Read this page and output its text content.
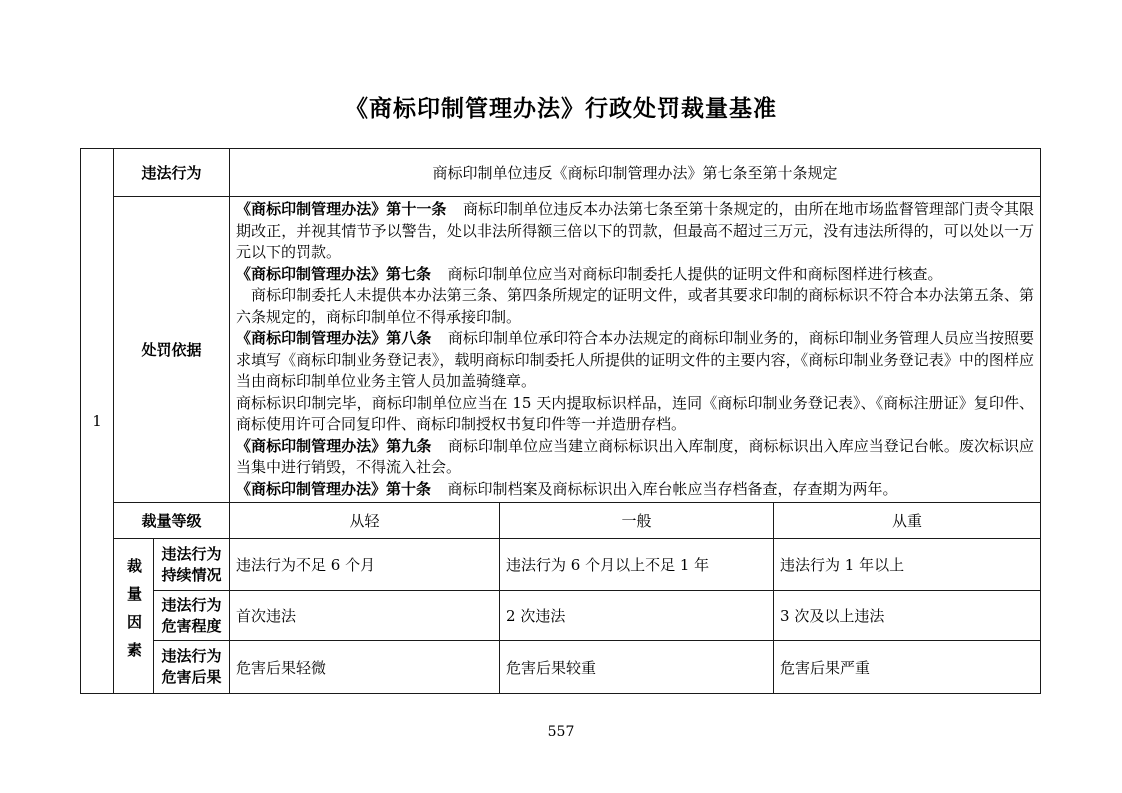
《商标印制管理办法》行政处罚裁量基准
1	违法行为		商标印制单位违反《商标印制管理办法》第七条至第十条规定		
处罚依据	

《商标印制管理办法》第十一条 商标印制单位违反本办法第七条至第十条规定的，由所在地市场监督管理部门责令其限期改正，并视其情节予以警告，处以非法所得额三倍以下的罚款，但最高不超过三万元，没有违法所得的，可以处以一万元以下的罚款。

《商标印制管理办法》第七条 商标印制单位应当对商标印制委托人提供的证明文件和商标图样进行核查。

商标印制委托人未提供本办法第三条、第四条所规定的证明文件，或者其要求印制的商标标识不符合本办法第五条、第六条规定的，商标印制单位不得承接印制。

《商标印制管理办法》第八条 商标印制单位承印符合本办法规定的商标印制业务的，商标印制业务管理人员应当按照要求填写《商标印制业务登记表》，载明商标印制委托人所提供的证明文件的主要内容，《商标印制业务登记表》中的图样应当由商标印制单位业务主管人员加盖骑缝章。

商标标识印制完毕，商标印制单位应当在 15 天内提取标识样品，连同《商标印制业务登记表》、《商标注册证》复印件、商标使用许可合同复印件、商标印制授权书复印件等一并造册存档。

《商标印制管理办法》第九条 商标印制单位应当建立商标标识出入库制度，商标标识出入库应当登记台帐。废次标识应当集中进行销毁，不得流入社会。

《商标印制管理办法》第十条 商标印制档案及商标标识出入库台帐应当存档备查，存查期为两年。

	裁量等级		从轻	一般	从重
	裁量因素	违法行为持续情况	违法行为不足 6 个月	违法行为 6 个月以上不足 1 年	违法行为 1 年以上
		违法行为危害程度	首次违法	2 次违法	3 次及以上违法
		违法行为危害后果	危害后果轻微	危害后果较重	危害后果严重
557
